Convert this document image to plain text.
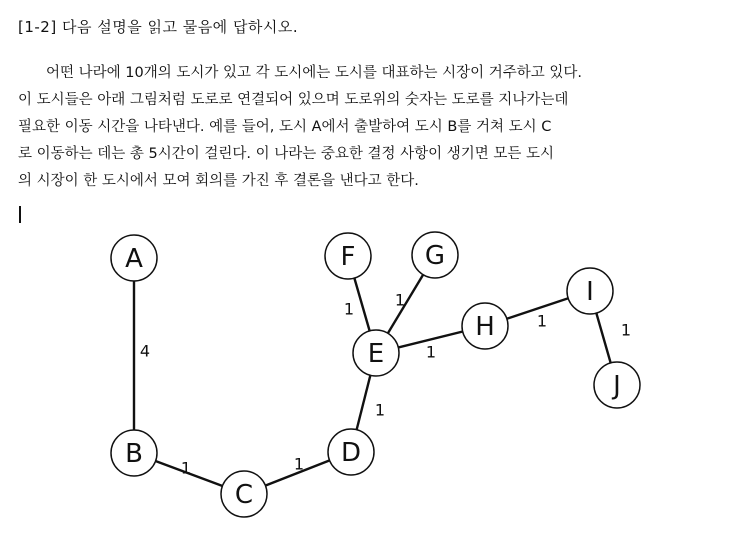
[1-2] 다음 설명을 읽고 물음에 답하시오.
어떤 나라에 10개의 도시가 있고 각 도시에는 도시를 대표하는 시장이 거주하고 있다.
이 도시들은 아래 그림처럼 도로로 연결되어 있으며 도로위의 숫자는 도로를 지나가는데
필요한 이동 시간을 나타낸다. 예를 들어, 도시 A에서 출발하여 도시 B를 거쳐 도시 C
로 이동하는 데는 총 5시간이 걸린다. 이 나라는 중요한 결정 사항이 생기면 모든 도시
의 시장이 한 도시에서 모여 회의를 가진 후 결론을 낸다고 한다.
4
1	1
1
1	1
1
1	1
A
B
C
D
E
F	G
H
I
J
